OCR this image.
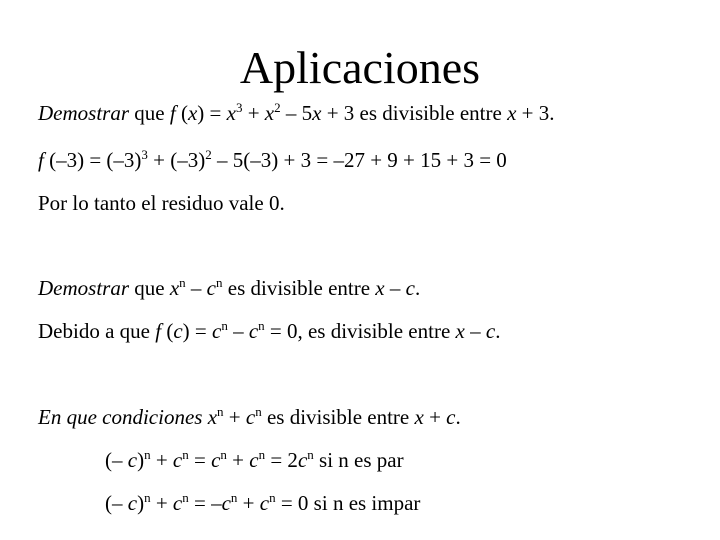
Aplicaciones
Demostrar que f $(x) = x^3 + x^2 - 5x + 3$ es divisible entre x + 3.
f $(-3) = (-3)^3 + (-3)^2 - 5(-3) + 3 = -27 + 9 + 15 + 3 = 0$
Por lo tanto el residuo vale 0.
Demostrar que $x^n - c^n$ es divisible entre x – c.
Debido a que f $(c) = c^n - c^n = 0$, es divisible entre x – c.
En que condiciones $x^n + c^n$ es divisible entre x + c.
(– $c)^n + c^n = c^n + c^n = 2c^n$ si n es par
(– $c)^n + c^n = -c^n + c^n = 0$ si n es impar
